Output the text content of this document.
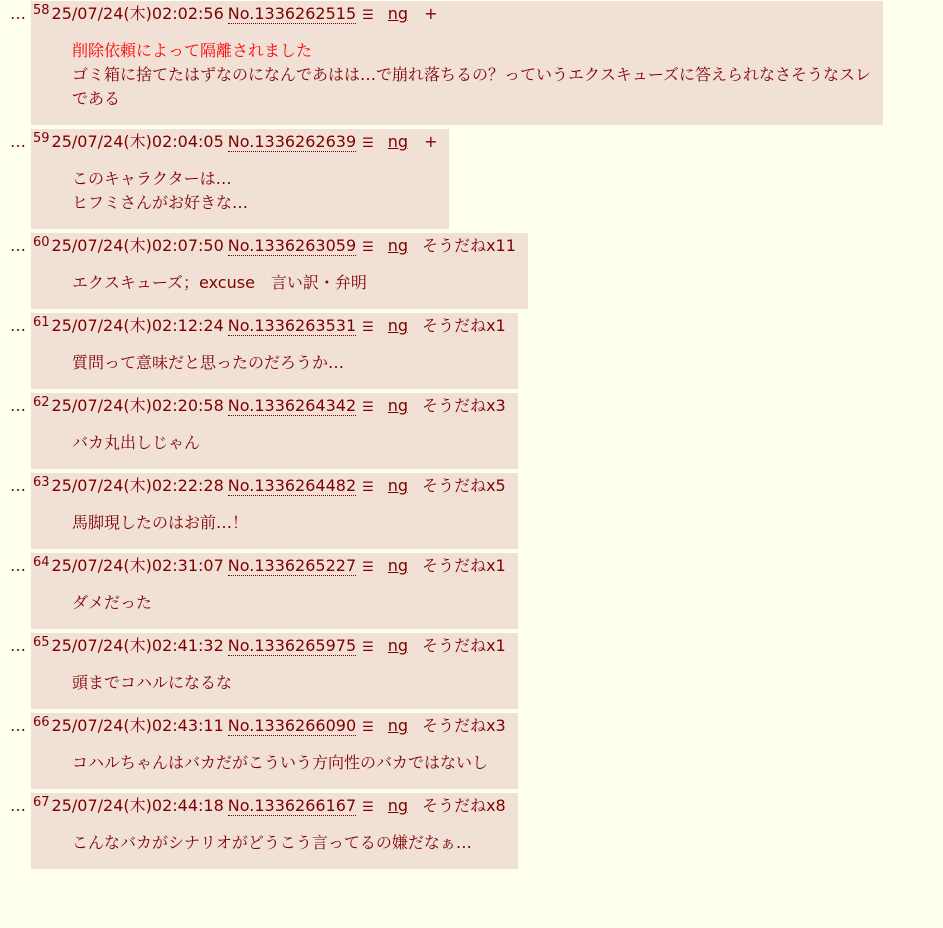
… $^{58}$ 25/07/24(木)02:02:56 No.1336262515 ☰ ng +
削除依頼によって隔離されました
ゴミ箱に捨てたはずなのになんであはは…で崩れ落ちるの？っていうエクスキューズに答えられなさそうなスレ
である
… $^{59}$ 25/07/24(木)02:04:05 No.1336262639 ☰ ng +
このキャラクターは…
ヒフミさんがお好きな…
… $^{60}$ 25/07/24(木)02:07:50 No.1336263059 ☰ ng そうだねx11
エクスキューズ；excuse　言い訳・弁明
… $^{61}$ 25/07/24(木)02:12:24 No.1336263531 ☰ ng そうだねx1
質問って意味だと思ったのだろうか…
… $^{62}$ 25/07/24(木)02:20:58 No.1336264342 ☰ ng そうだねx3
バカ丸出しじゃん
… $^{63}$ 25/07/24(木)02:22:28 No.1336264482 ☰ ng そうだねx5
馬脚現したのはお前…！
… $^{64}$ 25/07/24(木)02:31:07 No.1336265227 ☰ ng そうだねx1
ダメだった
… $^{65}$ 25/07/24(木)02:41:32 No.1336265975 ☰ ng そうだねx1
頭までコハルになるな
… $^{66}$ 25/07/24(木)02:43:11 No.1336266090 ☰ ng そうだねx3
コハルちゃんはバカだがこういう方向性のバカではないし
… $^{67}$ 25/07/24(木)02:44:18 No.1336266167 ☰ ng そうだねx8
こんなバカがシナリオがどうこう言ってるの嫌だなぁ…
